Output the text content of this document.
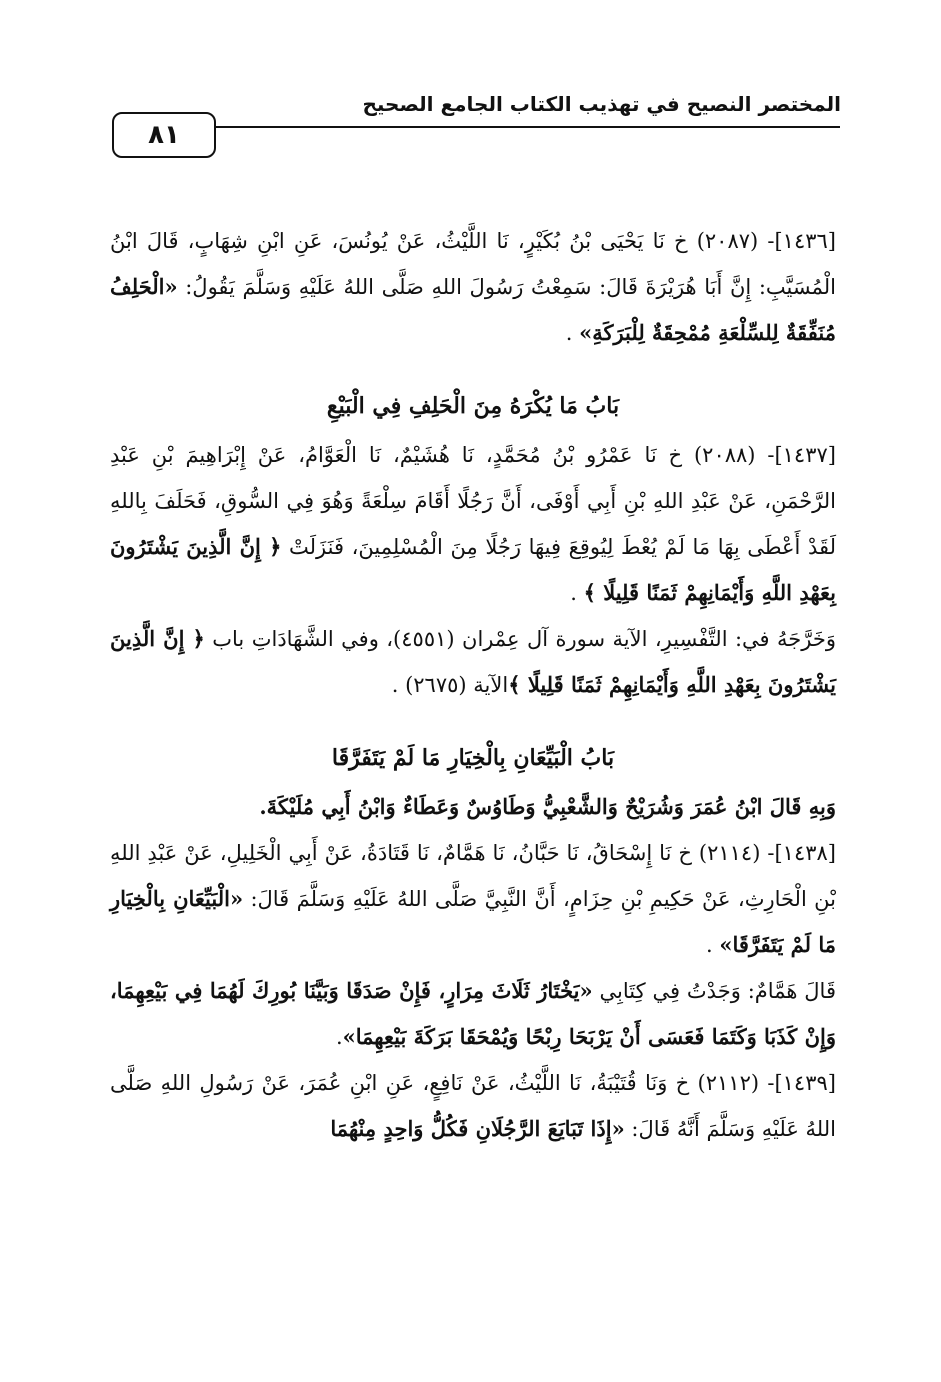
المختصر النصيح في تهذيب الكتاب الجامع الصحيح
٨١

[١٤٣٦]- (٢٠٨٧) خ نَا يَحْيَى بْنُ بُكَيْرٍ، نَا اللَّيْثُ، عَنْ يُونُسَ، عَنِ ابْنِ شِهَابٍ، قَالَ ابْنُ الْمُسَيَّبِ: إِنَّ أَبَا هُرَيْرَةَ قَالَ: سَمِعْتُ رَسُولَ اللهِ صَلَّى اللهُ عَلَيْهِ وَسَلَّمَ يَقُولُ: «الْحَلِفُ مُنَفِّقَةٌ لِلسِّلْعَةِ مُمْحِقَةٌ لِلْبَرَكَةِ» .

بَابُ مَا يُكْرَهُ مِنَ الْحَلِفِ فِي الْبَيْعِ

[١٤٣٧]- (٢٠٨٨) خ نَا عَمْرُو بْنُ مُحَمَّدٍ، نَا هُشَيْمٌ، نَا الْعَوَّامُ، عَنْ إِبْرَاهِيمَ بْنِ عَبْدِ الرَّحْمَنِ، عَنْ عَبْدِ اللهِ بْنِ أَبِي أَوْفَى، أَنَّ رَجُلًا أَقَامَ سِلْعَةً وَهُوَ فِي السُّوقِ، فَحَلَفَ بِاللهِ لَقَدْ أَعْطَى بِهَا مَا لَمْ يُعْطَ لِيُوقِعَ فِيهَا رَجُلًا مِنَ الْمُسْلِمِينَ، فَنَزَلَتْ ﴿ إِنَّ الَّذِينَ يَشْتَرُونَ بِعَهْدِ اللَّهِ وَأَيْمَانِهِمْ ثَمَنًا قَلِيلًا ﴾ .

وَخَرَّجَهُ في: التَّفْسِيرِ، الآية سورة آل عِمْران (٤٥٥١)، وفي الشَّهَادَاتِ باب ﴿ إِنَّ الَّذِينَ يَشْتَرُونَ بِعَهْدِ اللَّهِ وَأَيْمَانِهِمْ ثَمَنًا قَلِيلًا ﴾الآية (٢٦٧٥) .

بَابُ الْبَيِّعَانِ بِالْخِيَارِ مَا لَمْ يَتَفَرَّقَا

وَبِهِ قَالَ ابْنُ عُمَرَ وَشُرَيْحٌ وَالشَّعْبِيُّ وَطَاوُسٌ وَعَطَاءٌ وَابْنُ أَبِي مُلَيْكَةَ.

[١٤٣٨]- (٢١١٤) خ نَا إِسْحَاقُ، نَا حَبَّانُ، نَا هَمَّامٌ، نَا قَتَادَةُ، عَنْ أَبِي الْخَلِيلِ، عَنْ عَبْدِ اللهِ بْنِ الْحَارِثِ، عَنْ حَكِيمِ بْنِ حِزَامٍ، أَنَّ النَّبِيَّ صَلَّى اللهُ عَلَيْهِ وَسَلَّمَ قَالَ: «الْبَيِّعَانِ بِالْخِيَارِ مَا لَمْ يَتَفَرَّقَا» .

قَالَ هَمَّامٌ: وَجَدْتُ فِي كِتَابِي «يَخْتَارُ ثَلَاثَ مِرَارٍ، فَإِنْ صَدَقَا وَبَيَّنَا بُورِكَ لَهُمَا فِي بَيْعِهِمَا، وَإِنْ كَذَبَا وَكَتَمَا فَعَسَى أَنْ يَرْبَحَا رِبْحًا وَيُمْحَقَا بَرَكَةَ بَيْعِهِمَا».

[١٤٣٩]- (٢١١٢) خ وَنَا قُتَيْبَةُ، نَا اللَّيْثُ، عَنْ نَافِعٍ، عَنِ ابْنِ عُمَرَ، عَنْ رَسُولِ اللهِ صَلَّى اللهُ عَلَيْهِ وَسَلَّمَ أَنَّهُ قَالَ: «إِذَا تَبَايَعَ الرَّجُلَانِ فَكُلُّ وَاحِدٍ مِنْهُمَا
